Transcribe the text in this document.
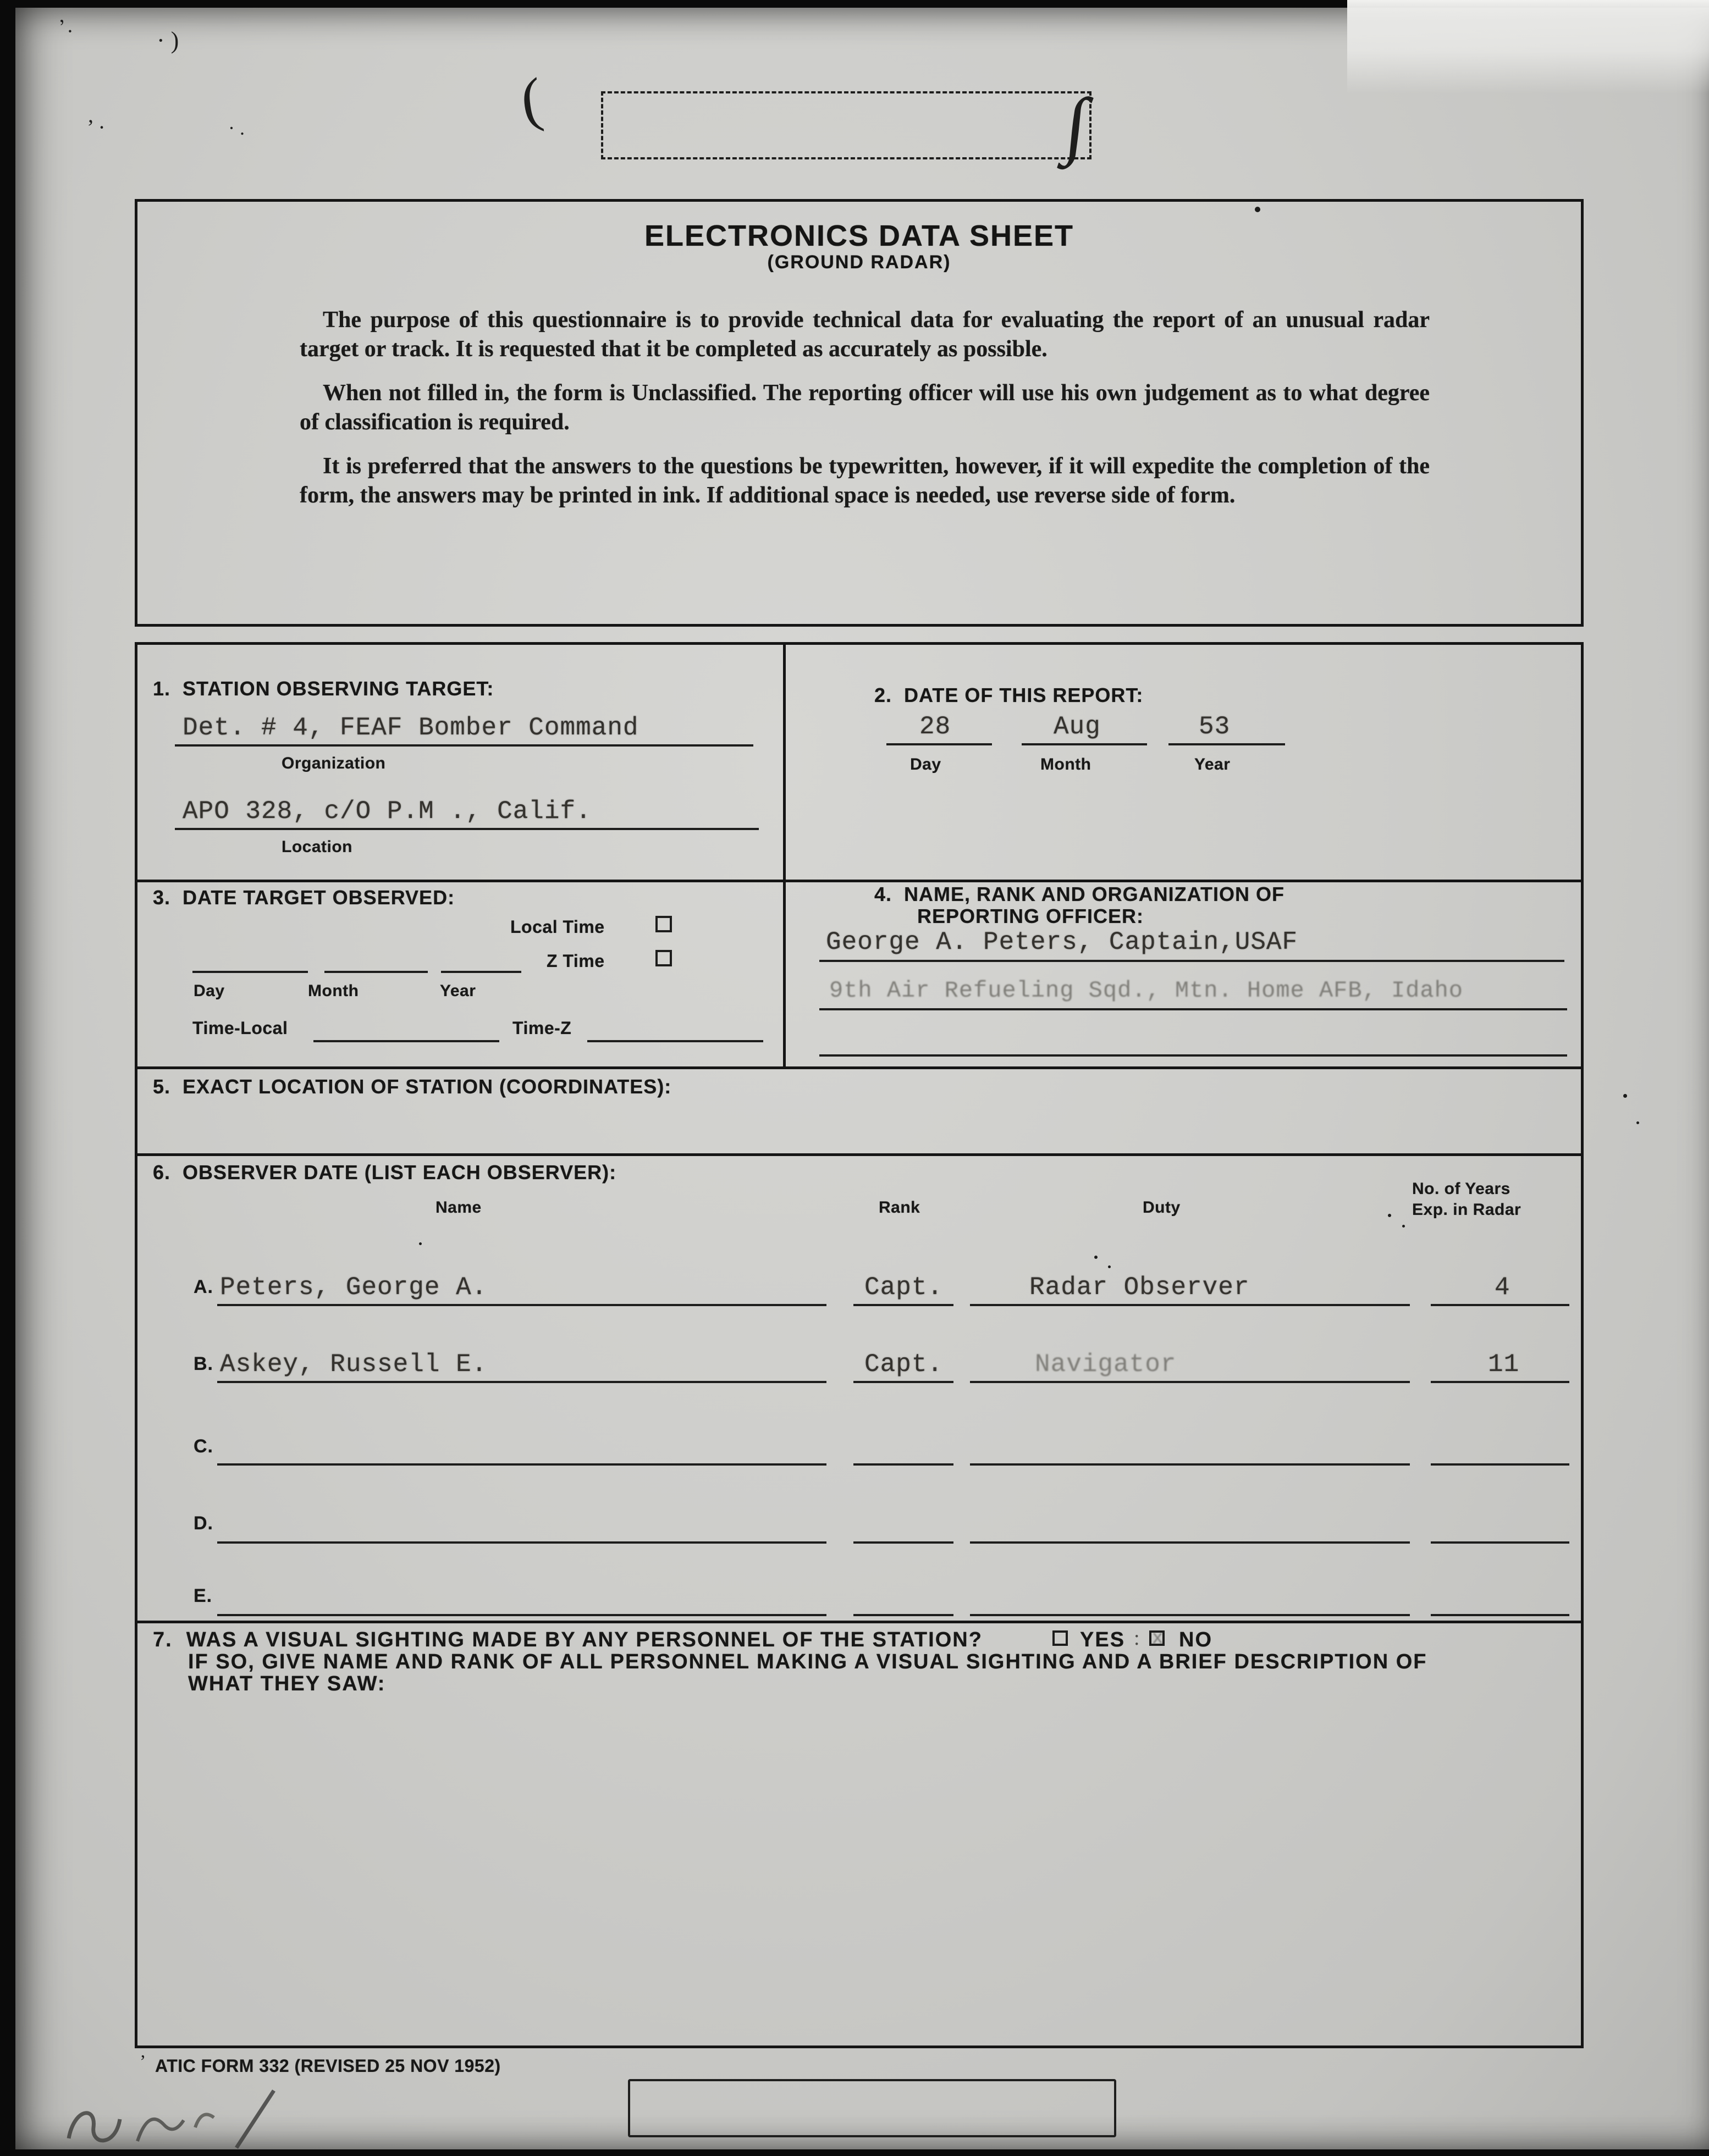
’.
· )
’ ·	· .	(	∫
ELECTRONICS DATA SHEET
(GROUND RADAR)

The purpose of this questionnaire is to provide technical data for evaluating the report of an unusual radar target or track. It is requested that it be completed as accurately as possible.

When not filled in, the form is Unclassified. The reporting officer will use his own judgement as to what degree of classification is required.

It is preferred that the answers to the questions be typewritten, however, if it will expedite the completion of the form, the answers may be printed in ink. If additional space is needed, use reverse side of form.

1.  STATION OBSERVING TARGET:
Det. # 4, FEAF Bomber Command
Organization
APO 328, c/O P.M ., Calif.
Location
2.  DATE OF THIS REPORT:
28	Aug	53
Day	Month	Year
3.  DATE TARGET OBSERVED:
Local Time
Z Time
Day	Month	Year
Time-Local	Time-Z
4.  NAME, RANK AND ORGANIZATION OF
REPORTING OFFICER:
George A. Peters, Captain,USAF
9th Air Refueling Sqd., Mtn. Home AFB, Idaho
5.  EXACT LOCATION OF STATION (COORDINATES):
6.  OBSERVER DATE (LIST EACH OBSERVER):
Name	Rank	Duty
No. of Years
Exp. in Radar
A. Peters, George A.	Capt.	Radar Observer	4
B. Askey, Russell E.	Capt.	Navigator	11
C.
D.
E.
7.  WAS A VISUAL SIGHTING MADE BY ANY PERSONNEL OF THE STATION?	YES : x NO
IF SO, GIVE NAME AND RANK OF ALL PERSONNEL MAKING A VISUAL SIGHTING AND A BRIEF DESCRIPTION OF
WHAT THEY SAW:
’ ATIC FORM 332 (REVISED 25 NOV 1952)
